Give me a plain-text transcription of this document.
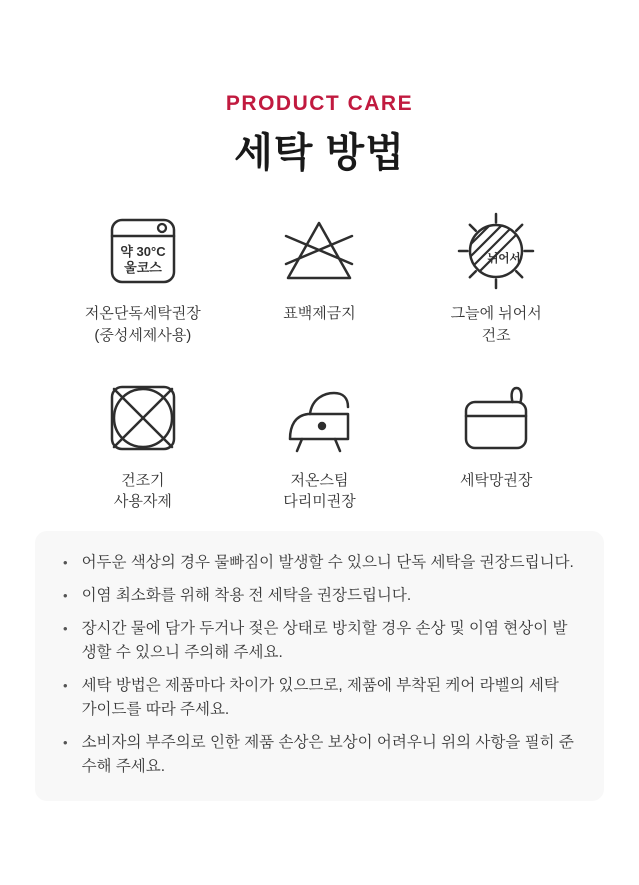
PRODUCT CARE
세탁 방법
약 30°C
울코스
저온단독세탁권장
(중성세제사용)
표백제금지
뉘어서
그늘에 뉘어서
건조
건조기
사용자제
저온스팀
다리미권장
세탁망권장
• 어두운 색상의 경우 물빠짐이 발생할 수 있으니 단독 세탁을 권장드립니다.
• 이염 최소화를 위해 착용 전 세탁을 권장드립니다.
• 장시간 물에 담가 두거나 젖은 상태로 방치할 경우 손상 및 이염 현상이 발생할 수 있으니 주의해 주세요.
• 세탁 방법은 제품마다 차이가 있으므로, 제품에 부착된 케어 라벨의 세탁 가이드를 따라 주세요.
• 소비자의 부주의로 인한 제품 손상은 보상이 어려우니 위의 사항을 필히 준수해 주세요.
